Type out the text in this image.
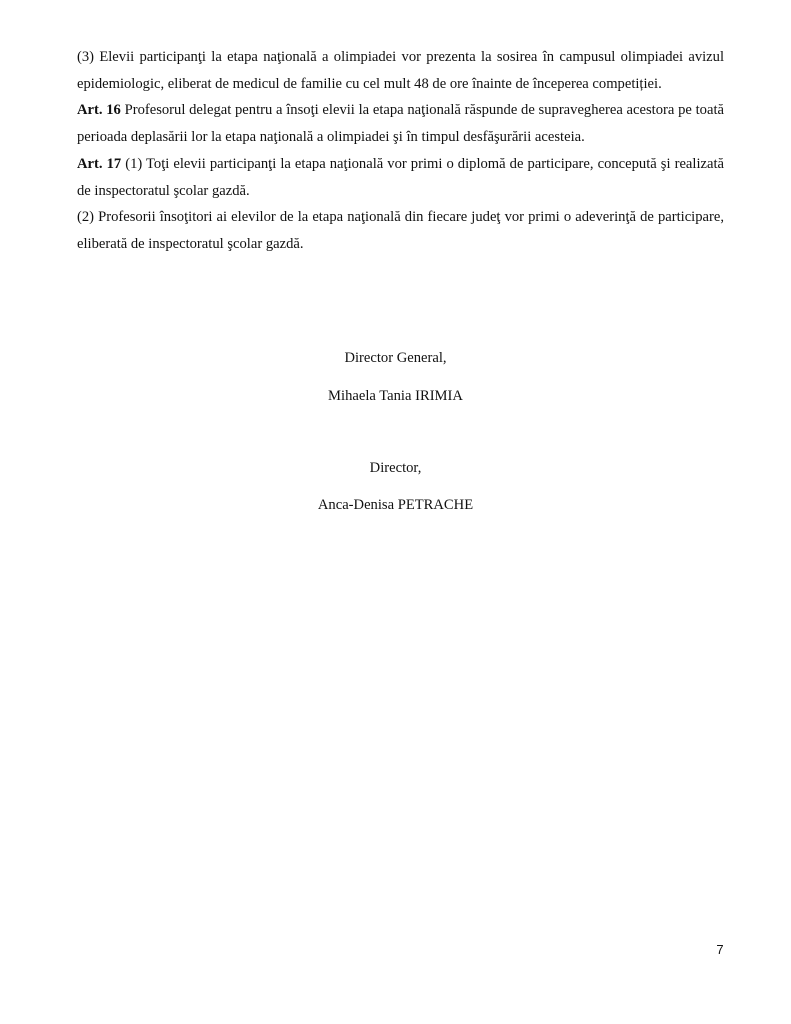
(3) Elevii participanţi la etapa naţională a olimpiadei vor prezenta la sosirea în campusul olimpiadei avizul epidemiologic, eliberat de medicul de familie cu cel mult 48 de ore înainte de începerea competiției.

Art. 16 Profesorul delegat pentru a însoţi elevii la etapa naţională răspunde de supravegherea acestora pe toată perioada deplasării lor la etapa naţională a olimpiadei şi în timpul desfăşurării acesteia.

Art. 17 (1) Toţi elevii participanţi la etapa naţională vor primi o diplomă de participare, concepută şi realizată de inspectoratul şcolar gazdă.

(2) Profesorii însoţitori ai elevilor de la etapa naţională din fiecare judeţ vor primi o adeverinţă de participare, eliberată de inspectoratul şcolar gazdă.

Director General,
Mihaela Tania IRIMIA
Director,
Anca-Denisa PETRACHE
7
